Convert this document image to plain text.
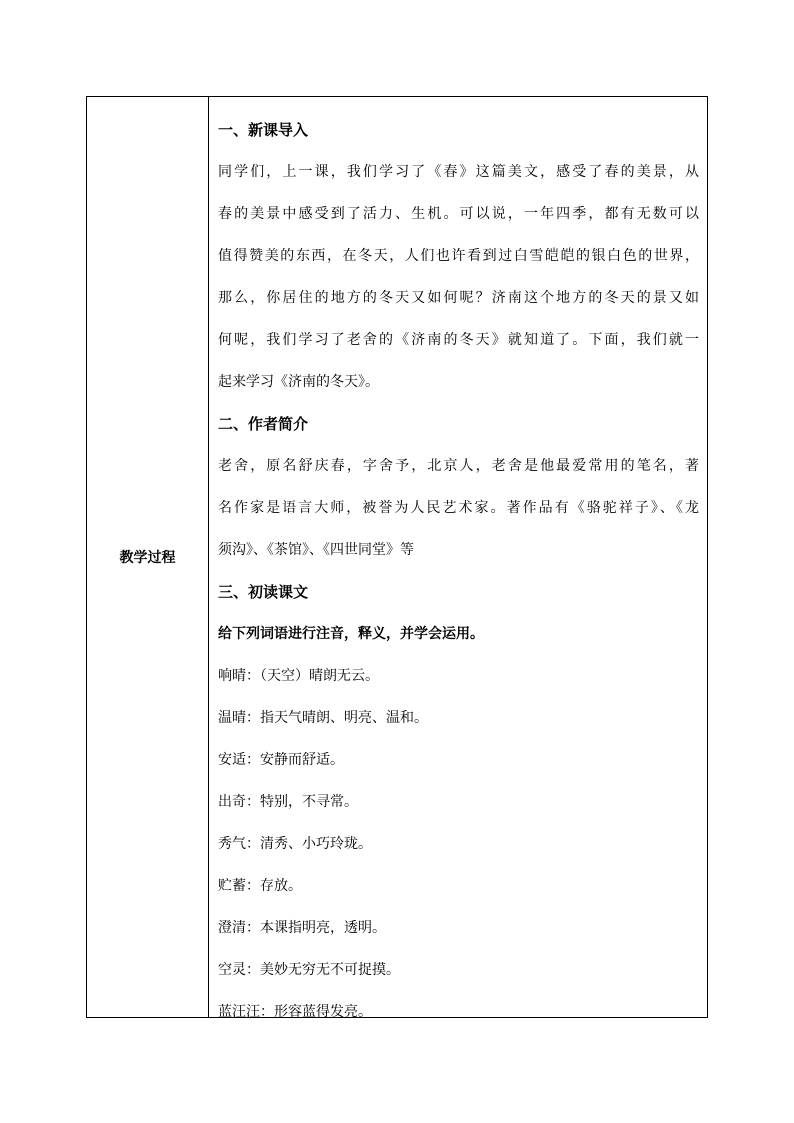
教学过程

一、新课导入

同学们，上一课，我们学习了《春》这篇美文，感受了春的美景，从

春的美景中感受到了活力、生机。可以说，一年四季，都有无数可以

值得赞美的东西，在冬天，人们也许看到过白雪皑皑的银白色的世界，

那么，你居住的地方的冬天又如何呢？济南这个地方的冬天的景又如

何呢，我们学习了老舍的《济南的冬天》就知道了。下面，我们就一

起来学习《济南的冬天》。

二、作者简介

老舍，原名舒庆春，字舍予，北京人，老舍是他最爱常用的笔名，著

名作家是语言大师，被誉为人民艺术家。著作品有《骆驼祥子》、《龙

须沟》、《茶馆》、《四世同堂》等

三、初读课文

给下列词语进行注音，释义，并学会运用。

响晴：（天空）晴朗无云。

温晴：指天气晴朗、明亮、温和。

安适：安静而舒适。

出奇：特别，不寻常。

秀气：清秀、小巧玲珑。

贮蓄：存放。

澄清：本课指明亮，透明。

空灵：美妙无穷无不可捉摸。

蓝汪汪：形容蓝得发亮。
